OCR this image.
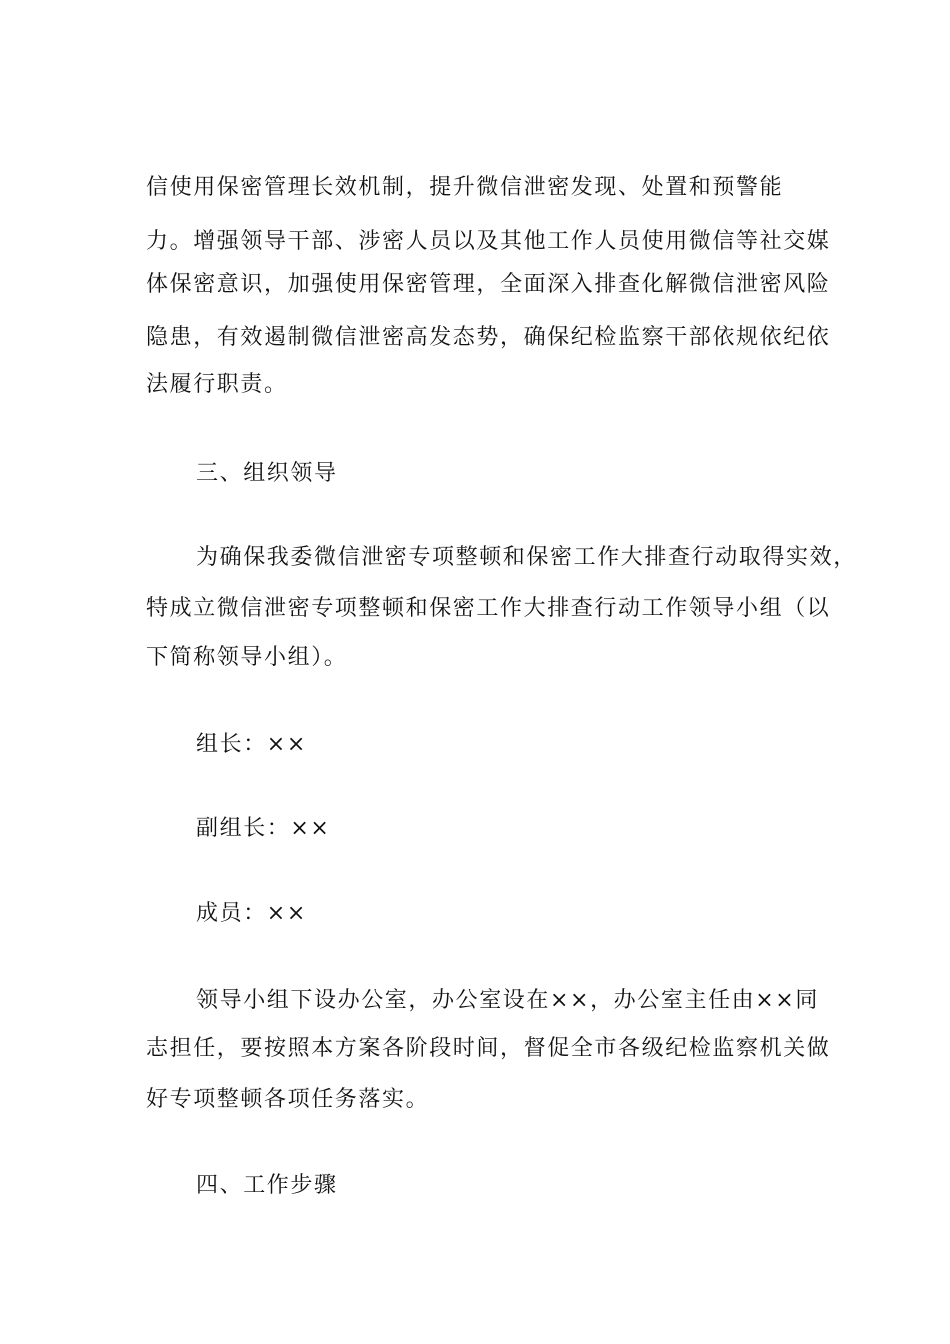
信使用保密管理长效机制，提升微信泄密发现、处置和预警能
力。增强领导干部、涉密人员以及其他工作人员使用微信等社交媒
体保密意识，加强使用保密管理，全面深入排查化解微信泄密风险
隐患，有效遏制微信泄密高发态势，确保纪检监察干部依规依纪依
法履行职责。
三、组织领导
为确保我委微信泄密专项整顿和保密工作大排查行动取得实效，
特成立微信泄密专项整顿和保密工作大排查行动工作领导小组（以
下简称领导小组）。
组长：××
副组长：××
成员：××
领导小组下设办公室，办公室设在××，办公室主任由××同
志担任，要按照本方案各阶段时间，督促全市各级纪检监察机关做
好专项整顿各项任务落实。
四、工作步骤
